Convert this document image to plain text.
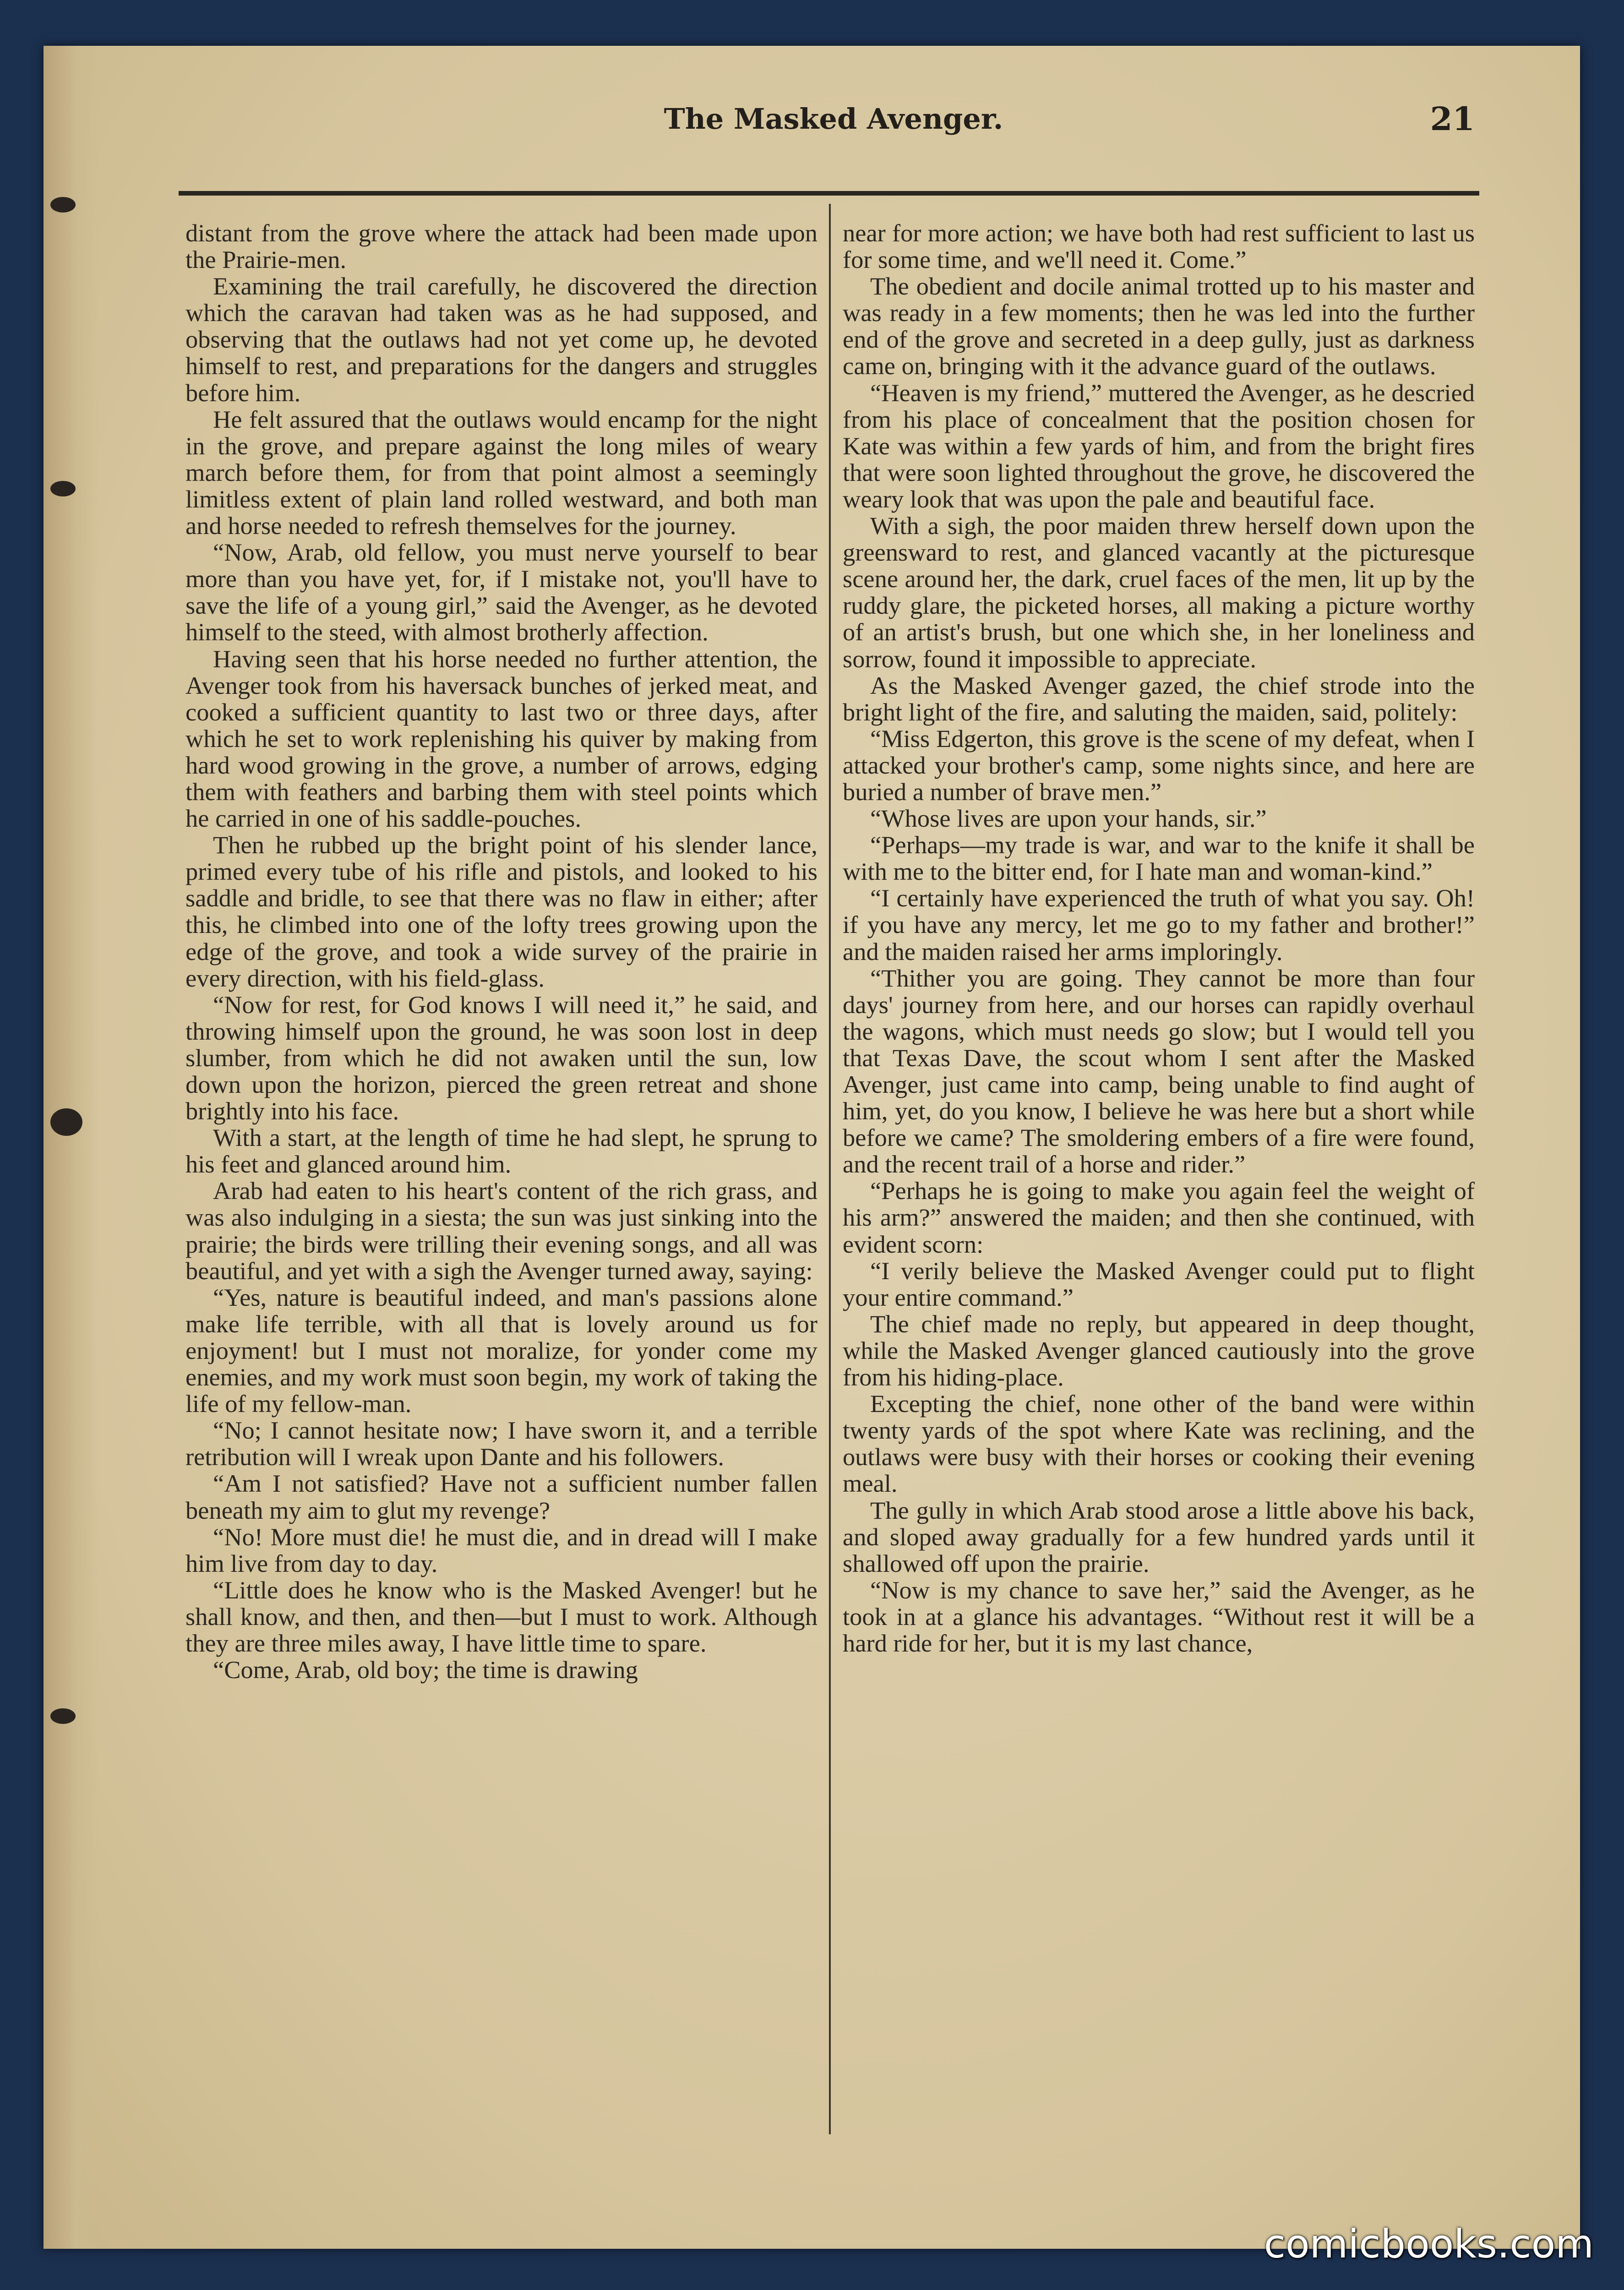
The Masked Avenger.	21

distant from the grove where the attack had been made upon the Prairie-men.

Examining the trail carefully, he discovered the direction which the caravan had taken was as he had supposed, and observing that the outlaws had not yet come up, he devoted himself to rest, and preparations for the dangers and struggles before him.

He felt assured that the outlaws would encamp for the night in the grove, and prepare against the long miles of weary march before them, for from that point almost a seemingly limitless extent of plain land rolled westward, and both man and horse needed to refresh themselves for the journey.

“Now, Arab, old fellow, you must nerve yourself to bear more than you have yet, for, if I mistake not, you'll have to save the life of a young girl,” said the Avenger, as he devoted himself to the steed, with almost brotherly affection.

Having seen that his horse needed no further attention, the Avenger took from his haversack bunches of jerked meat, and cooked a sufficient quantity to last two or three days, after which he set to work replenishing his quiver by making from hard wood growing in the grove, a number of arrows, edging them with feathers and barbing them with steel points which he carried in one of his saddle-pouches.

Then he rubbed up the bright point of his slender lance, primed every tube of his rifle and pistols, and looked to his saddle and bridle, to see that there was no flaw in either; after this, he climbed into one of the lofty trees growing upon the edge of the grove, and took a wide survey of the prairie in every direction, with his field-glass.

“Now for rest, for God knows I will need it,” he said, and throwing himself upon the ground, he was soon lost in deep slumber, from which he did not awaken until the sun, low down upon the horizon, pierced the green retreat and shone brightly into his face.

With a start, at the length of time he had slept, he sprung to his feet and glanced around him.

Arab had eaten to his heart's content of the rich grass, and was also indulging in a siesta; the sun was just sinking into the prairie; the birds were trilling their evening songs, and all was beautiful, and yet with a sigh the Avenger turned away, saying:

“Yes, nature is beautiful indeed, and man's passions alone make life terrible, with all that is lovely around us for enjoyment! but I must not moralize, for yonder come my enemies, and my work must soon begin, my work of taking the life of my fellow-man.

“No; I cannot hesitate now; I have sworn it, and a terrible retribution will I wreak upon Dante and his followers.

“Am I not satisfied? Have not a sufficient number fallen beneath my aim to glut my revenge?

“No! More must die! he must die, and in dread will I make him live from day to day.

“Little does he know who is the Masked Avenger! but he shall know, and then, and then—but I must to work. Although they are three miles away, I have little time to spare.

“Come, Arab, old boy; the time is drawing

near for more action; we have both had rest sufficient to last us for some time, and we'll need it. Come.”

The obedient and docile animal trotted up to his master and was ready in a few moments; then he was led into the further end of the grove and secreted in a deep gully, just as darkness came on, bringing with it the advance guard of the outlaws.

“Heaven is my friend,” muttered the Avenger, as he descried from his place of concealment that the position chosen for Kate was within a few yards of him, and from the bright fires that were soon lighted throughout the grove, he discovered the weary look that was upon the pale and beautiful face.

With a sigh, the poor maiden threw herself down upon the greensward to rest, and glanced vacantly at the picturesque scene around her, the dark, cruel faces of the men, lit up by the ruddy glare, the picketed horses, all making a picture worthy of an artist's brush, but one which she, in her loneliness and sorrow, found it impossible to appreciate.

As the Masked Avenger gazed, the chief strode into the bright light of the fire, and saluting the maiden, said, politely:

“Miss Edgerton, this grove is the scene of my defeat, when I attacked your brother's camp, some nights since, and here are buried a number of brave men.”

“Whose lives are upon your hands, sir.”

“Perhaps—my trade is war, and war to the knife it shall be with me to the bitter end, for I hate man and woman-kind.”

“I certainly have experienced the truth of what you say. Oh! if you have any mercy, let me go to my father and brother!” and the maiden raised her arms imploringly.

“Thither you are going. They cannot be more than four days' journey from here, and our horses can rapidly overhaul the wagons, which must needs go slow; but I would tell you that Texas Dave, the scout whom I sent after the Masked Avenger, just came into camp, being unable to find aught of him, yet, do you know, I believe he was here but a short while before we came? The smoldering embers of a fire were found, and the recent trail of a horse and rider.”

“Perhaps he is going to make you again feel the weight of his arm?” answered the maiden; and then she continued, with evident scorn:

“I verily believe the Masked Avenger could put to flight your entire command.”

The chief made no reply, but appeared in deep thought, while the Masked Avenger glanced cautiously into the grove from his hiding-place.

Excepting the chief, none other of the band were within twenty yards of the spot where Kate was reclining, and the outlaws were busy with their horses or cooking their evening meal.

The gully in which Arab stood arose a little above his back, and sloped away gradually for a few hundred yards until it shallowed off upon the prairie.

“Now is my chance to save her,” said the Avenger, as he took in at a glance his advantages. “Without rest it will be a hard ride for her, but it is my last chance,

comicbooks.com
